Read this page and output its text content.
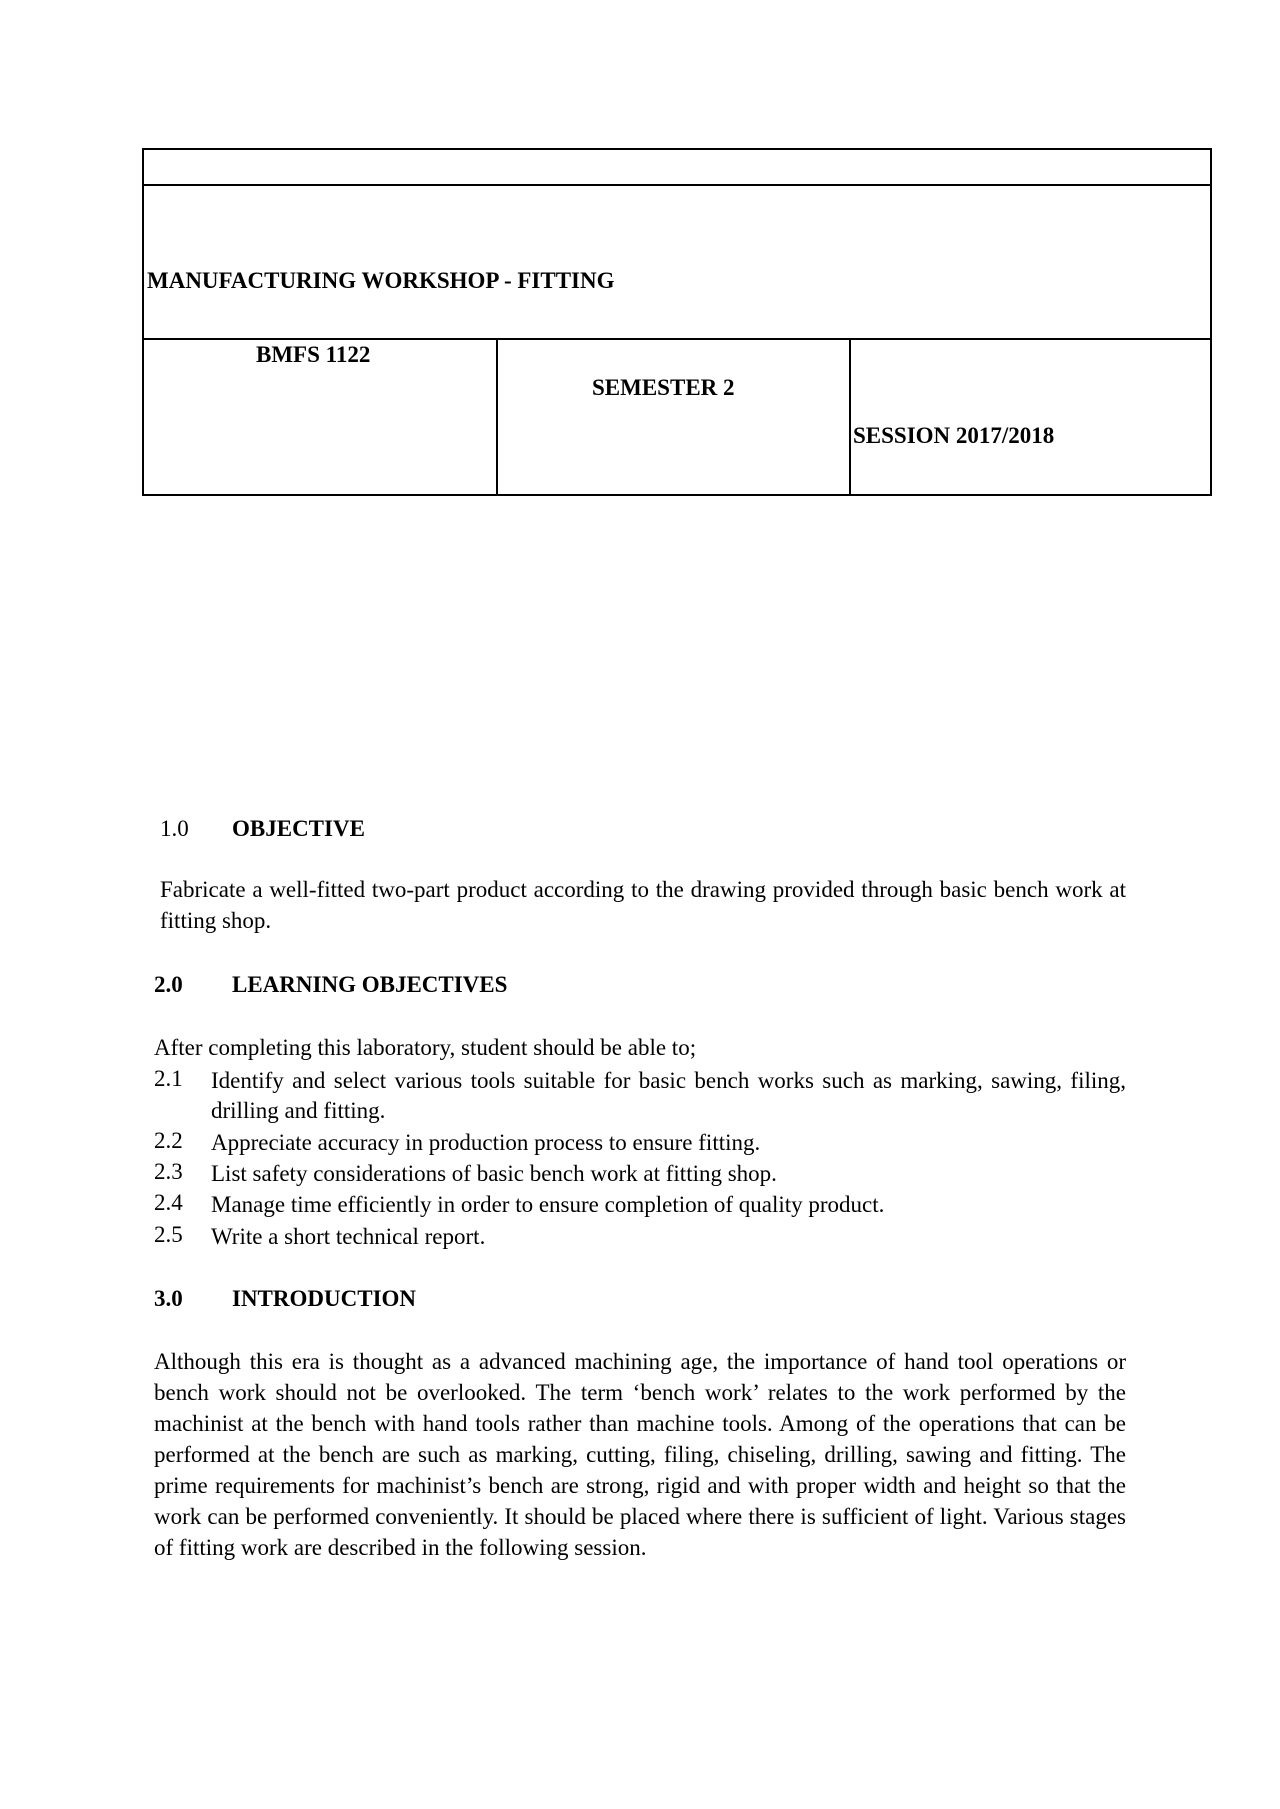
MANUFACTURING WORKSHOP - FITTING
BMFS 1122
SEMESTER 2
SESSION 2017/2018
1.0 OBJECTIVE
Fabricate a well-fitted two-part product according to the drawing provided through basic bench work at fitting shop.
2.0 LEARNING OBJECTIVES
After completing this laboratory, student should be able to;
2.1 Identify and select various tools suitable for basic bench works such as marking, sawing, filing, drilling and fitting.
2.2 Appreciate accuracy in production process to ensure fitting.
2.3 List safety considerations of basic bench work at fitting shop.
2.4 Manage time efficiently in order to ensure completion of quality product.
2.5 Write a short technical report.
3.0 INTRODUCTION
Although this era is thought as a advanced machining age, the importance of hand tool operations or bench work should not be overlooked. The term ‘bench work’ relates to the work performed by the machinist at the bench with hand tools rather than machine tools. Among of the operations that can be performed at the bench are such as marking, cutting, filing, chiseling, drilling, sawing and fitting. The prime requirements for machinist’s bench are strong, rigid and with proper width and height so that the work can be performed conveniently. It should be placed where there is sufficient of light. Various stages of fitting work are described in the following session.
